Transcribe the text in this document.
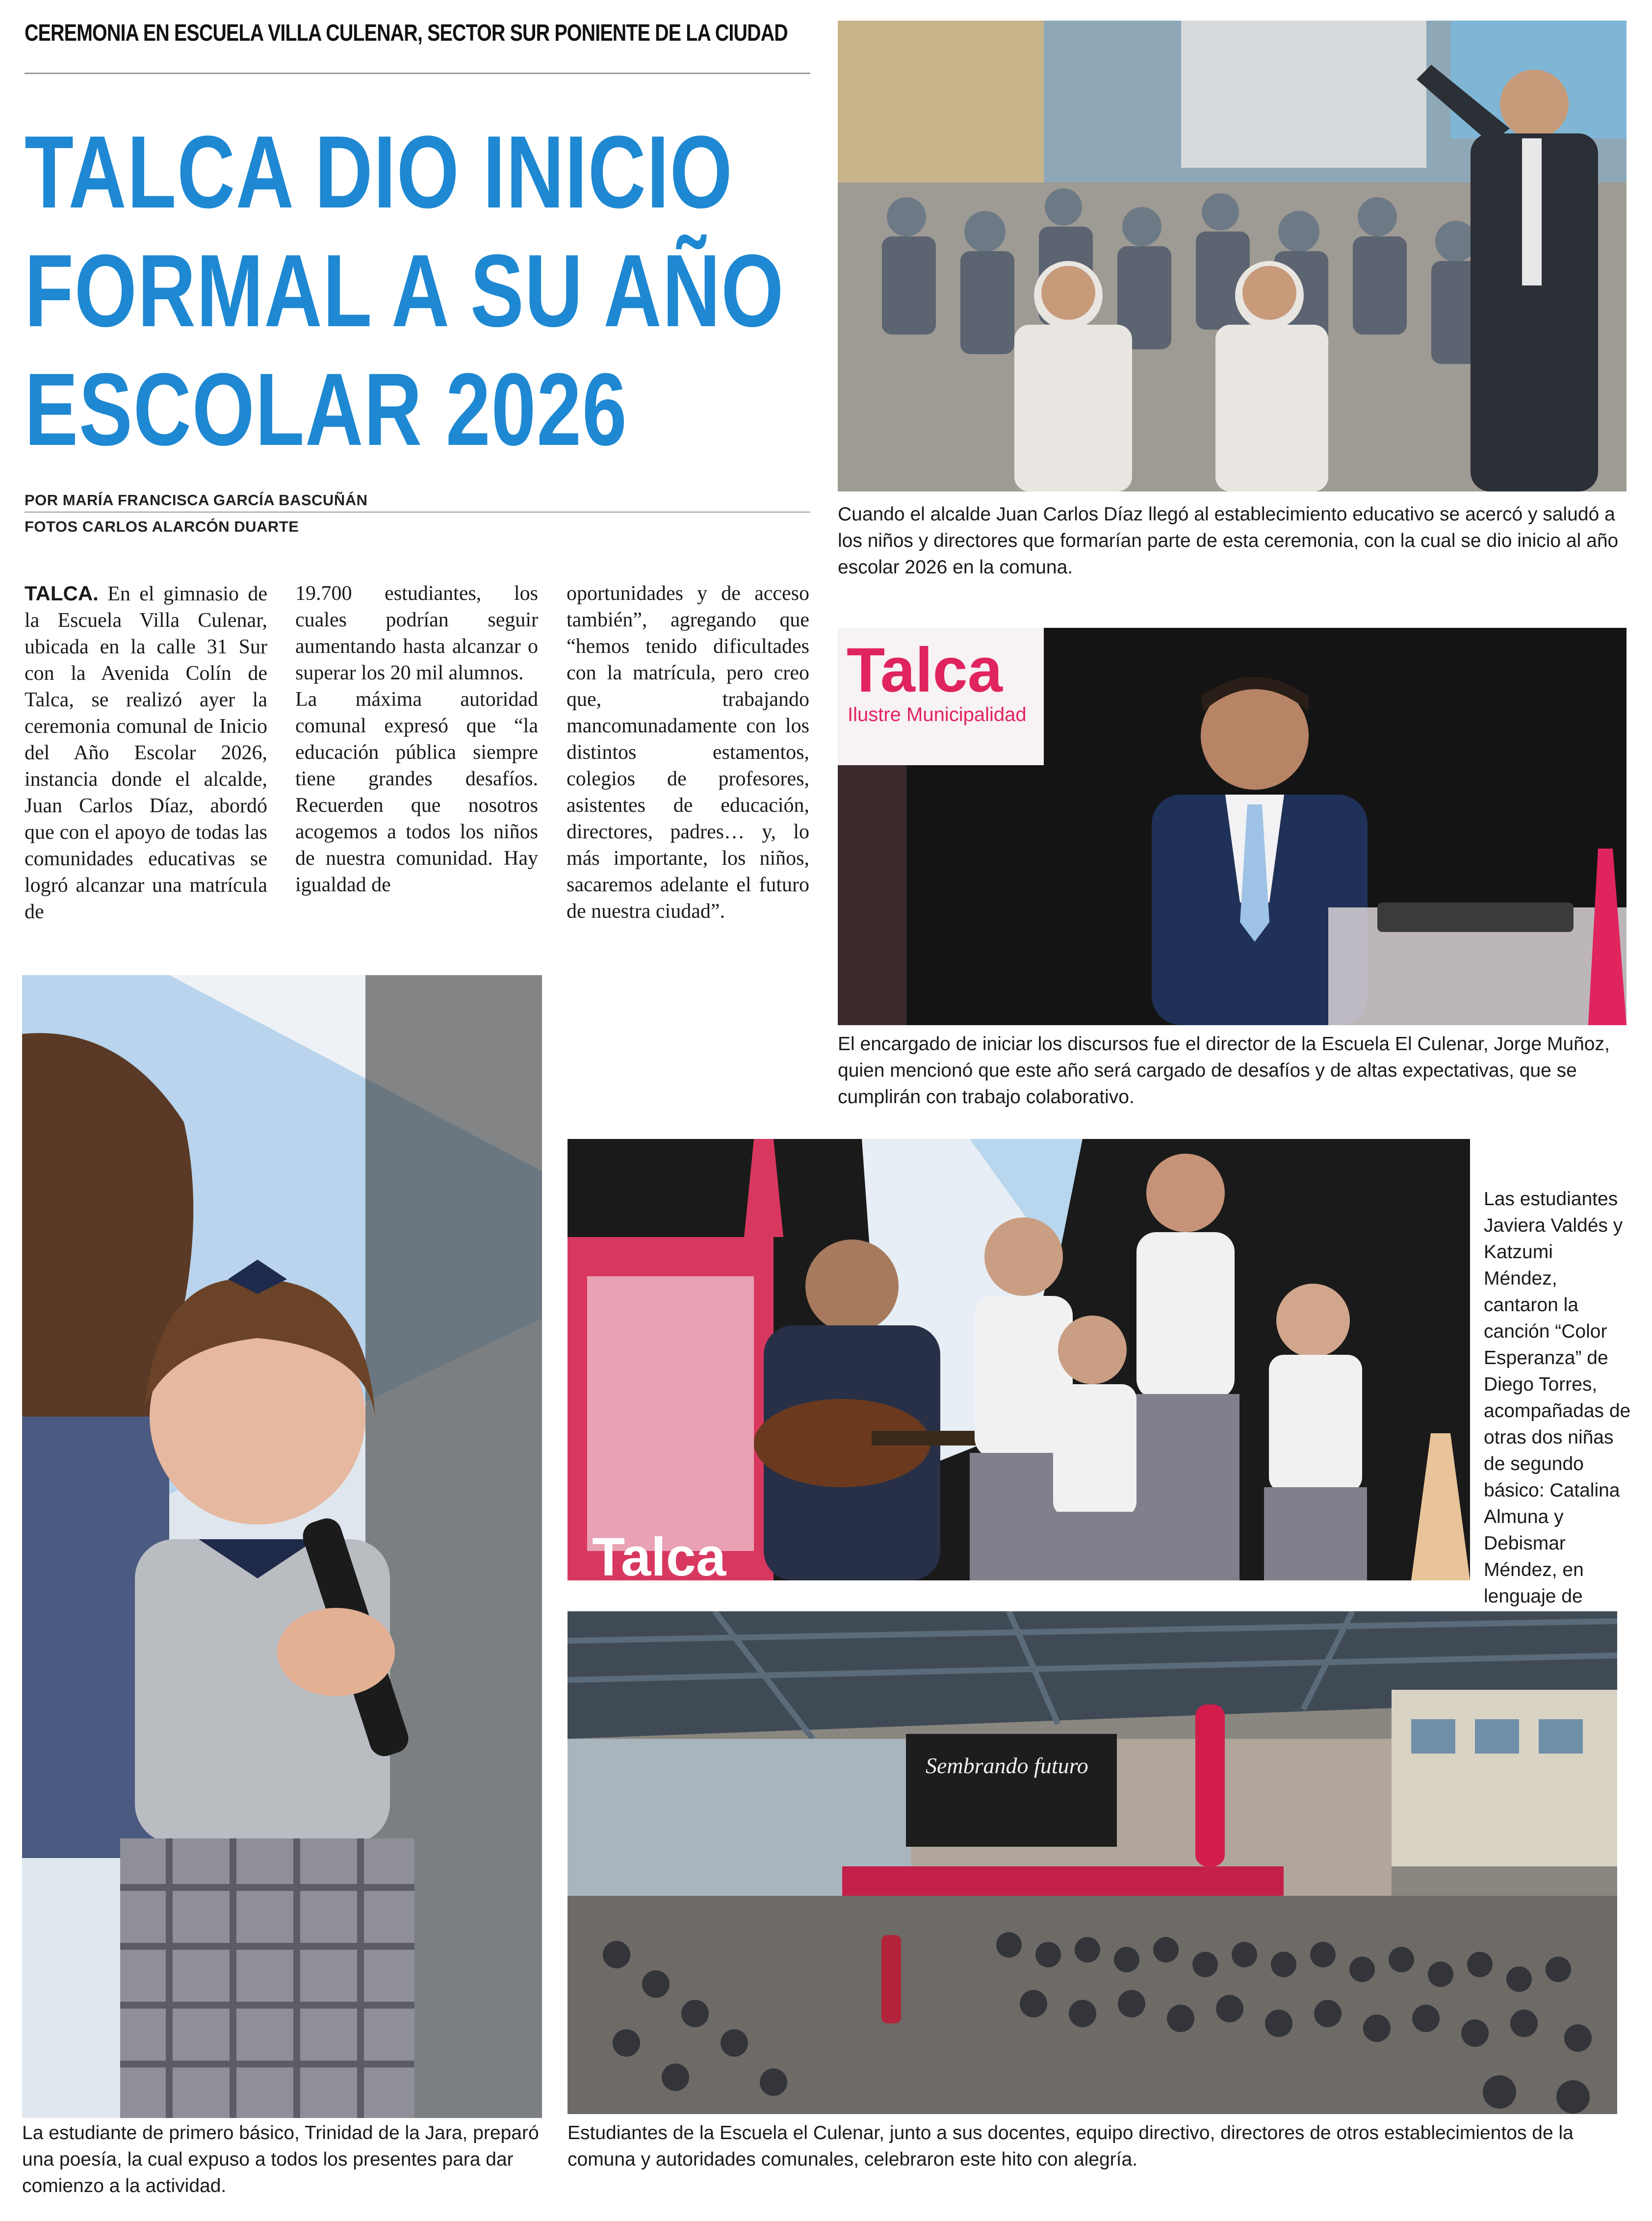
CEREMONIA EN ESCUELA VILLA CULENAR, SECTOR SUR PONIENTE DE LA CIUDAD
TALCA DIO INICIO
FORMAL A SU AÑO
ESCOLAR 2026
POR MARÍA FRANCISCA GARCÍA BASCUÑÁN
FOTOS CARLOS ALARCÓN DUARTE

TALCA. En el gimnasio de la Escuela Villa Culenar, ubicada en la calle 31 Sur con la Avenida Colín de Talca, se realizó ayer la ceremonia comunal de Inicio del Año Escolar 2026, instancia donde el alcalde, Juan Carlos Díaz, abordó que con el apoyo de todas las comunidades educativas se logró alcanzar una matrícula de

19.700 estudiantes, los cuales podrían seguir aumentando hasta alcanzar o superar los 20 mil alumnos.

La máxima autoridad comunal expresó que “la educación pública siempre tiene grandes desafíos. Recuerden que nosotros acogemos a todos los niños de nuestra comunidad. Hay igualdad de

oportunidades y de acceso también”, agregando que “hemos tenido dificultades con la matrícula, pero creo que, trabajando mancomunadamente con los distintos estamentos, colegios de profesores, asistentes de educación, directores, padres… y, lo más importante, los niños, sacaremos adelante el futuro de nuestra ciudad”.

Cuando el alcalde Juan Carlos Díaz llegó al establecimiento educativo se acercó y saludó a los niños y directores que formarían parte de esta ceremonia, con la cual se dio inicio al año escolar 2026 en la comuna.
Talca
Ilustre Municipalidad
El encargado de iniciar los discursos fue el director de la Escuela El Culenar, Jorge Muñoz, quien mencionó que este año será cargado de desafíos y de altas expectativas, que se cumplirán con trabajo colaborativo.
La estudiante de primero básico, Trinidad de la Jara, preparó una poesía, la cual expuso a todos los presentes para dar comienzo a la actividad.
Talca
Las estudiantes Javiera Valdés y Katzumi Méndez, cantaron la canción “Color Esperanza” de Diego Torres, acompañadas de otras dos niñas de segundo básico: Catalina Almuna y Debismar Méndez, en lenguaje de
Sembrando futuro
Estudiantes de la Escuela el Culenar, junto a sus docentes, equipo directivo, directores de otros establecimientos de la comuna y autoridades comunales, celebraron este hito con alegría.
